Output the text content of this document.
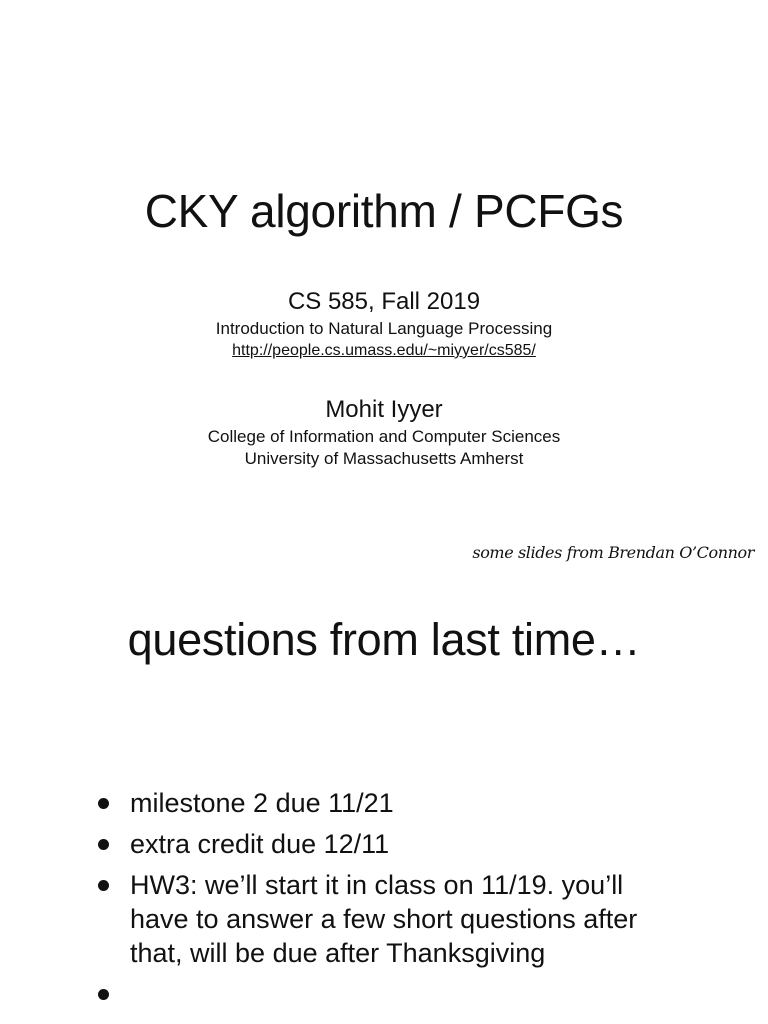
CKY algorithm / PCFGs
CS 585, Fall 2019
Introduction to Natural Language Processing
http://people.cs.umass.edu/~miyyer/cs585/
Mohit Iyyer
College of Information and Computer Sciences
University of Massachusetts Amherst
some slides from Brendan O’Connor
questions from last time…
milestone 2 due 11/21
extra credit due 12/11
HW3: we’ll start it in class on 11/19. you’ll have to answer a few short questions after that, will be due after Thanksgiving
